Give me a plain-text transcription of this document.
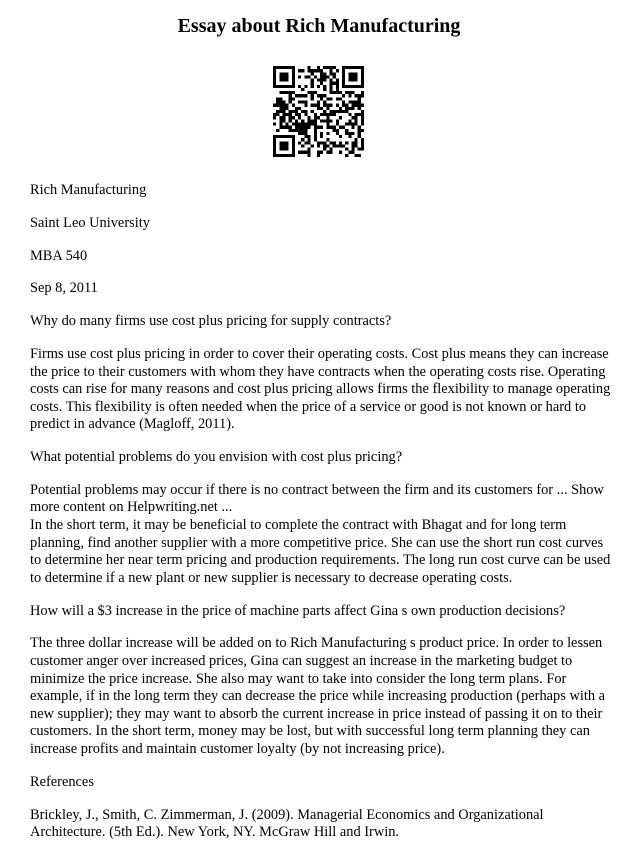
Essay about Rich Manufacturing

Rich Manufacturing

Saint Leo University

MBA 540

Sep 8, 2011

Why do many firms use cost plus pricing for supply contracts?

Firms use cost plus pricing in order to cover their operating costs. Cost plus means they can increase the price to their customers with whom they have contracts when the operating costs rise. Operating costs can rise for many reasons and cost plus pricing allows firms the flexibility to manage operating costs. This flexibility is often needed when the price of a service or good is not known or hard to predict in advance (Magloff, 2011).

What potential problems do you envision with cost plus pricing?

Potential problems may occur if there is no contract between the firm and its customers for ... Show more content on Helpwriting.net ...

In the short term, it may be beneficial to complete the contract with Bhagat and for long term planning, find another supplier with a more competitive price. She can use the short run cost curves to determine her near term pricing and production requirements. The long run cost curve can be used to determine if a new plant or new supplier is necessary to decrease operating costs.

How will a $3 increase in the price of machine parts affect Gina s own production decisions?

The three dollar increase will be added on to Rich Manufacturing s product price. In order to lessen customer anger over increased prices, Gina can suggest an increase in the marketing budget to minimize the price increase. She also may want to take into consider the long term plans. For example, if in the long term they can decrease the price while increasing production (perhaps with a new supplier); they may want to absorb the current increase in price instead of passing it on to their customers. In the short term, money may be lost, but with successful long term planning they can increase profits and maintain customer loyalty (by not increasing price).

References

Brickley, J., Smith, C. Zimmerman, J. (2009). Managerial Economics and Organizational Architecture. (5th Ed.). New York, NY. McGraw Hill and Irwin.
